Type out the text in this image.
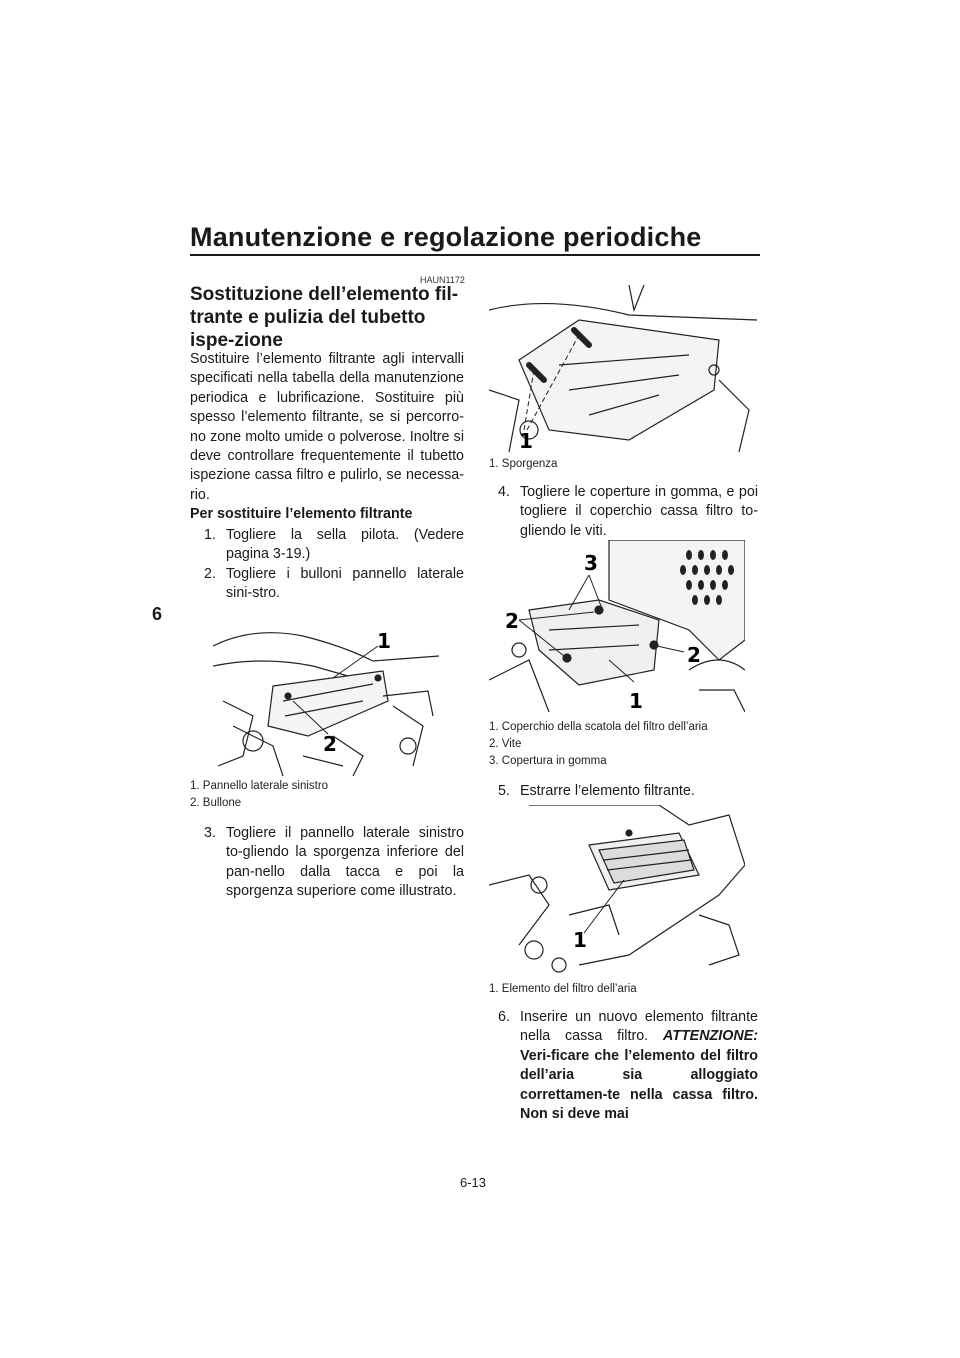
Manutenzione e regolazione periodiche
6
HAUN1172
Sostituzione dell’elemento fil-trante e pulizia del tubetto ispe-zione
Sostituire l’elemento filtrante agli intervalli specificati nella tabella della manutenzione periodica e lubrificazione. Sostituire più spesso l’elemento filtrante, se si percorro-no zone molto umide o polverose. Inoltre si deve controllare frequentemente il tubetto ispezione cassa filtro e pulirlo, se necessa-rio.
Per sostituire l’elemento filtrante
1. Togliere la sella pilota. (Vedere pagina 3-19.)
2. Togliere i bulloni pannello laterale sini-stro.
1
2
1. Pannello laterale sinistro
2. Bullone
3. Togliere il pannello laterale sinistro to-gliendo la sporgenza inferiore del pan-nello dalla tacca e poi la sporgenza superiore come illustrato.
1
1. Sporgenza
4. Togliere le coperture in gomma, e poi togliere il coperchio cassa filtro to-gliendo le viti.
3
2
2
1
1. Coperchio della scatola del filtro dell’aria
2. Vite
3. Copertura in gomma
5. Estrarre l’elemento filtrante.
1
1. Elemento del filtro dell’aria
6. Inserire un nuovo elemento filtrante nella cassa filtro. ATTENZIONE: Veri-ficare che l’elemento del filtro dell’aria sia alloggiato correttamen-te nella cassa filtro. Non si deve mai
6-13
